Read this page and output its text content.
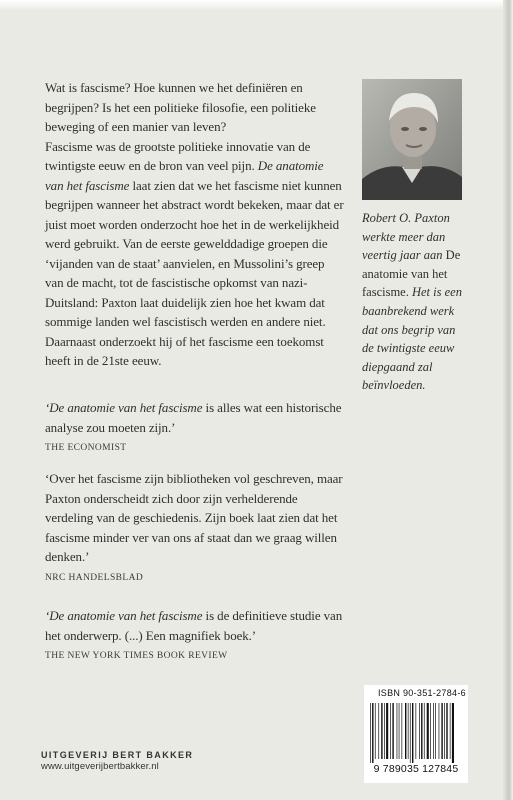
Wat is fascisme? Hoe kunnen we het definiëren en begrijpen? Is het een politieke filosofie, een politieke beweging of een manier van leven?

Fascisme was de grootste politieke innovatie van de twintigste eeuw en de bron van veel pijn. De anatomie van het fascisme laat zien dat we het fascisme niet kunnen begrijpen wanneer het abstract wordt bekeken, maar dat er juist moet worden onderzocht hoe het in de werkelijkheid werd gebruikt. Van de eerste gewelddadige groepen die ‘vijanden van de staat’ aanvielen, en Mussolini’s greep van de macht, tot de fascistische opkomst van nazi-Duitsland: Paxton laat duidelijk zien hoe het kwam dat sommige landen wel fascistisch werden en andere niet. Daarnaast onderzoekt hij of het fascisme een toekomst heeft in de 21ste eeuw.

‘De anatomie van het fascisme is alles wat een historische analyse zou moeten zijn.’

THE ECONOMIST

‘Over het fascisme zijn bibliotheken vol geschreven, maar Paxton onderscheidt zich door zijn verhelderende verdeling van de geschiedenis. Zijn boek laat zien dat het fascisme minder ver van ons af staat dan we graag willen denken.’

NRC HANDELSBLAD

‘De anatomie van het fascisme is de definitieve studie van het onderwerp. (...) Een magnifiek boek.’

THE NEW YORK TIMES BOOK REVIEW

Robert O. Paxton werkte meer dan veertig jaar aan De anatomie van het fascisme. Het is een baanbrekend werk dat ons begrip van de twintigste eeuw diepgaand zal beïnvloeden.
UITGEVERIJ BERT BAKKER
www.uitgeverijbertbakker.nl
ISBN 90-351-2784-6
9 789035 127845
